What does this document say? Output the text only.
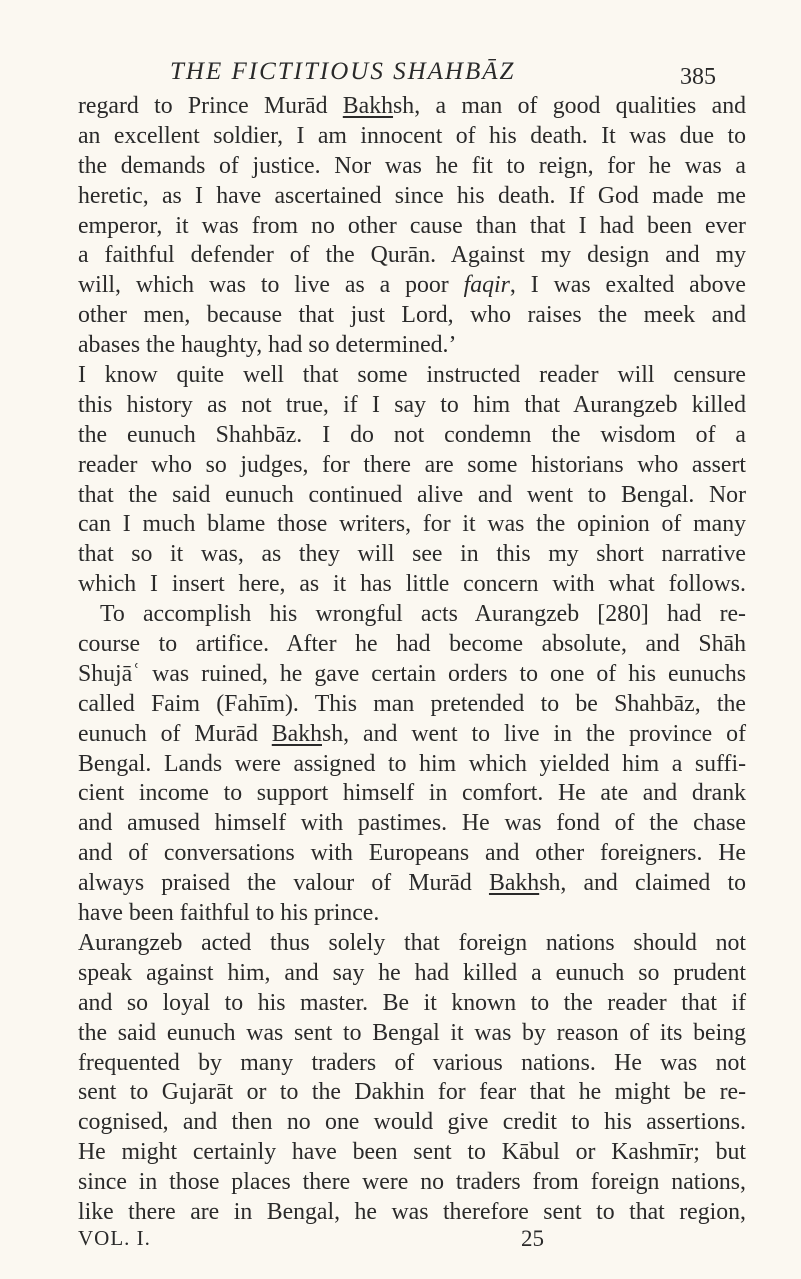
THE FICTITIOUS SHAHBĀZ	385
regard to Prince Murād Bakhsh, a man of good qualities and
an excellent soldier, I am innocent of his death. It was due to
the demands of justice. Nor was he fit to reign, for he was a
heretic, as I have ascertained since his death. If God made me
emperor, it was from no other cause than that I had been ever
a faithful defender of the Qurān. Against my design and my
will, which was to live as a poor faqir, I was exalted above
other men, because that just Lord, who raises the meek and
abases the haughty, had so determined.’
I know quite well that some instructed reader will censure
this history as not true, if I say to him that Aurangzeb killed
the eunuch Shahbāz. I do not condemn the wisdom of a
reader who so judges, for there are some historians who assert
that the said eunuch continued alive and went to Bengal. Nor
can I much blame those writers, for it was the opinion of many
that so it was, as they will see in this my short narrative
which I insert here, as it has little concern with what follows.
To accomplish his wrongful acts Aurangzeb [280] had re-
course to artifice. After he had become absolute, and Shāh
Shujāʿ was ruined, he gave certain orders to one of his eunuchs
called Faim (Fahīm). This man pretended to be Shahbāz, the
eunuch of Murād Bakhsh, and went to live in the province of
Bengal. Lands were assigned to him which yielded him a suffi-
cient income to support himself in comfort. He ate and drank
and amused himself with pastimes. He was fond of the chase
and of conversations with Europeans and other foreigners. He
always praised the valour of Murād Bakhsh, and claimed to
have been faithful to his prince.
Aurangzeb acted thus solely that foreign nations should not
speak against him, and say he had killed a eunuch so prudent
and so loyal to his master. Be it known to the reader that if
the said eunuch was sent to Bengal it was by reason of its being
frequented by many traders of various nations. He was not
sent to Gujarāt or to the Dakhin for fear that he might be re-
cognised, and then no one would give credit to his assertions.
He might certainly have been sent to Kābul or Kashmīr; but
since in those places there were no traders from foreign nations,
like there are in Bengal, he was therefore sent to that region,
VOL. I.	25
